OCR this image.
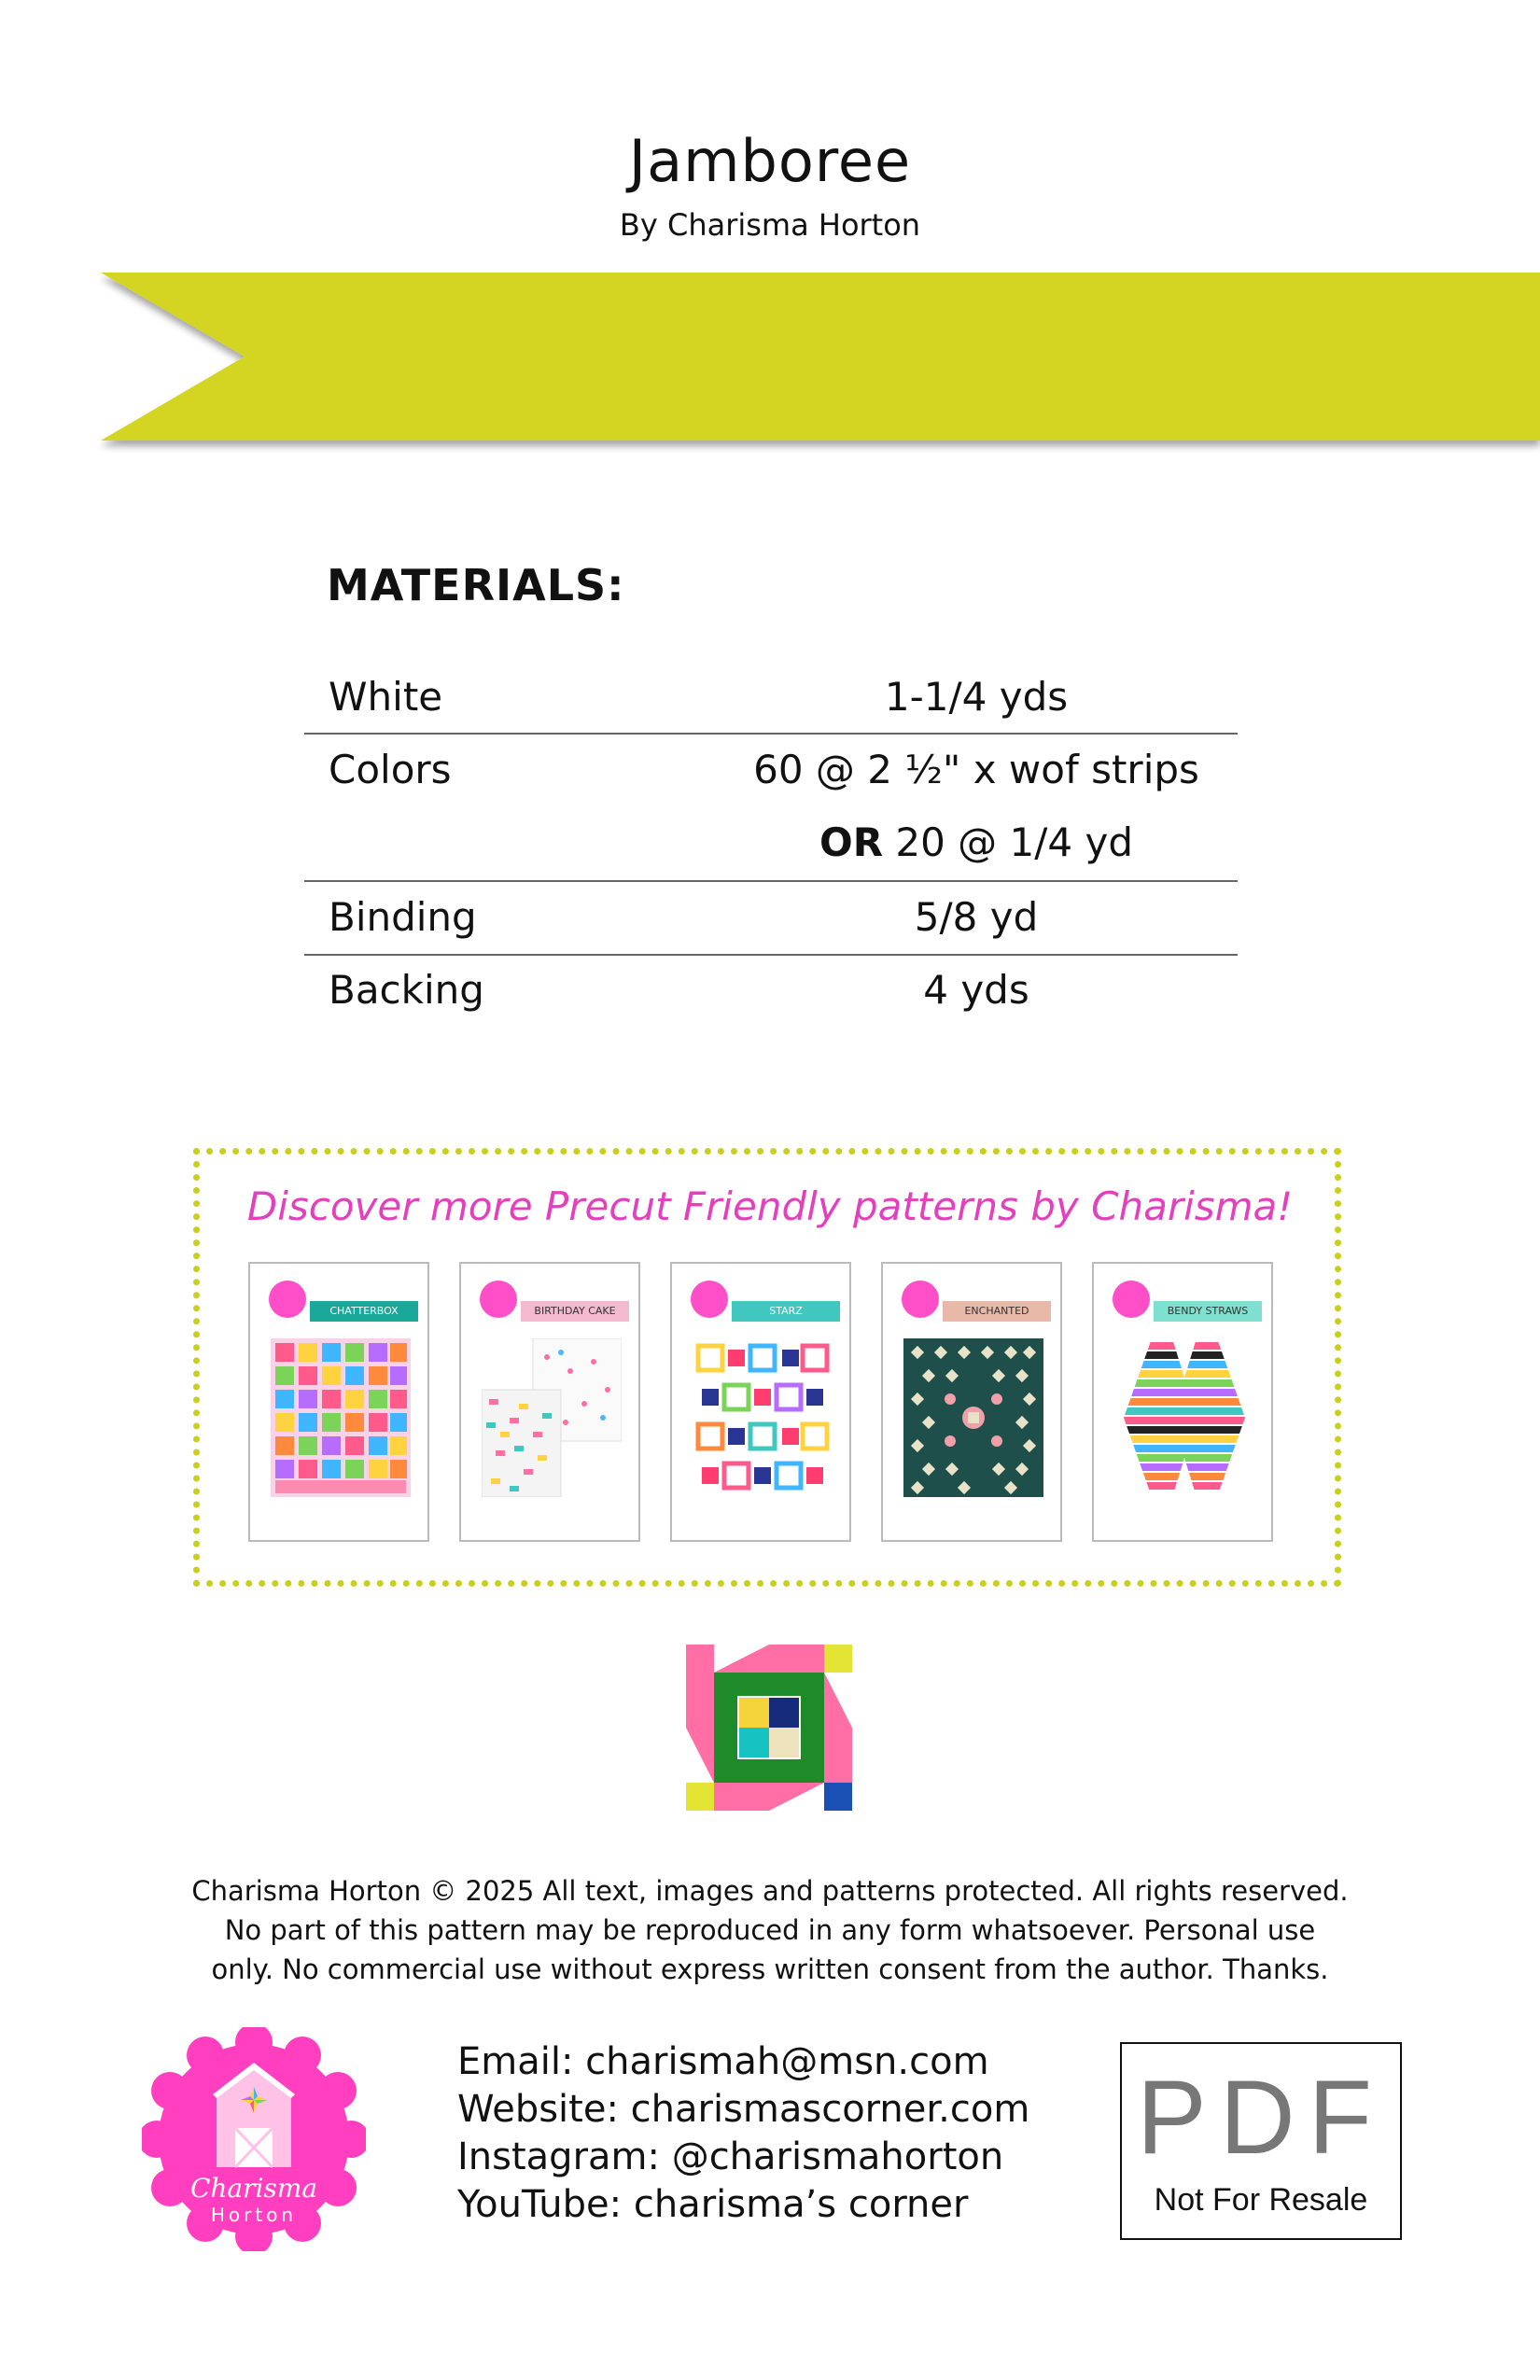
Jamboree
By Charisma Horton
MATERIALS:
White	1-1/4 yds
Colors	60 @ 2 ½" x wof strips
OR 20 @ 1/4 yd
Binding	5/8 yd
Backing	4 yds
Discover more Precut Friendly patterns by Charisma!
CHATTERBOX	BIRTHDAY CAKE	STARZ	ENCHANTED	BENDY STRAWS
Charisma Horton © 2025 All text, images and patterns protected. All rights reserved.
No part of this pattern may be reproduced in any form whatsoever. Personal use
only. No commercial use without express written consent from the author. Thanks.
Charisma
Horton
Email: charismah@msn.com
Website: charismascorner.com
Instagram: @charismahorton
YouTube: charisma’s corner
PDF
Not For Resale
